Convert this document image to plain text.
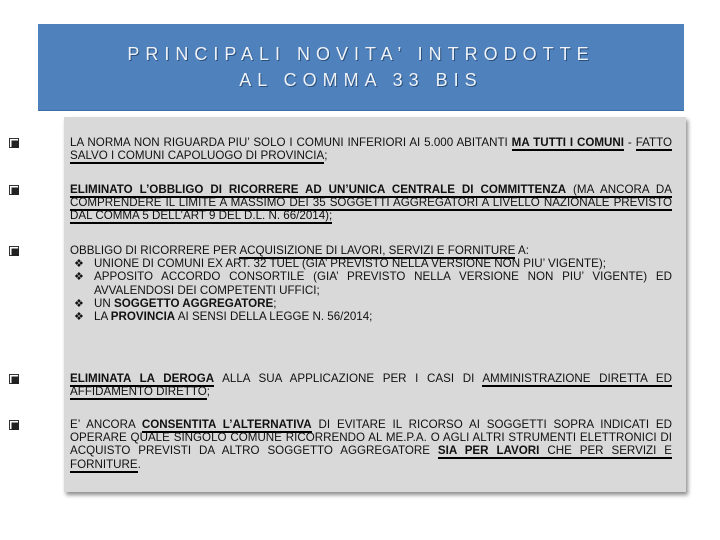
PRINCIPALI NOVITA’ INTRODOTTE
AL COMMA 33 BIS
LA NORMA NON RIGUARDA PIU’ SOLO I COMUNI INFERIORI AI 5.000 ABITANTI MA TUTTI I COMUNI - FATTO SALVO I COMUNI CAPOLUOGO DI PROVINCIA;
ELIMINATO L’OBBLIGO DI RICORRERE AD UN’UNICA CENTRALE DI COMMITTENZA (MA ANCORA DA COMPRENDERE IL LIMITE A MASSIMO DEI 35 SOGGETTI AGGREGATORI A LIVELLO NAZIONALE PREVISTO DAL COMMA 5 DELL’ART 9 DEL D.L. N. 66/2014);
OBBLIGO DI RICORRERE PER ACQUISIZIONE DI LAVORI, SERVIZI E FORNITURE A:
❖ UNIONE DI COMUNI EX ART. 32 TUEL (GIA’ PREVISTO NELLA VERSIONE NON PIU’ VIGENTE);
❖ APPOSITO ACCORDO CONSORTILE (GIA’ PREVISTO NELLA VERSIONE NON PIU’ VIGENTE) ED AVVALENDOSI DEI COMPETENTI UFFICI;
❖ UN SOGGETTO AGGREGATORE;
❖ LA PROVINCIA AI SENSI DELLA LEGGE N. 56/2014;
ELIMINATA LA DEROGA ALLA SUA APPLICAZIONE PER I CASI DI AMMINISTRAZIONE DIRETTA ED AFFIDAMENTO DIRETTO;
E’ ANCORA CONSENTITA L’ALTERNATIVA DI EVITARE IL RICORSO AI SOGGETTI SOPRA INDICATI ED OPERARE QUALE SINGOLO COMUNE RICORRENDO AL ME.P.A. O AGLI ALTRI STRUMENTI ELETTRONICI DI ACQUISTO PREVISTI DA ALTRO SOGGETTO AGGREGATORE SIA PER LAVORI CHE PER SERVIZI E FORNITURE.
